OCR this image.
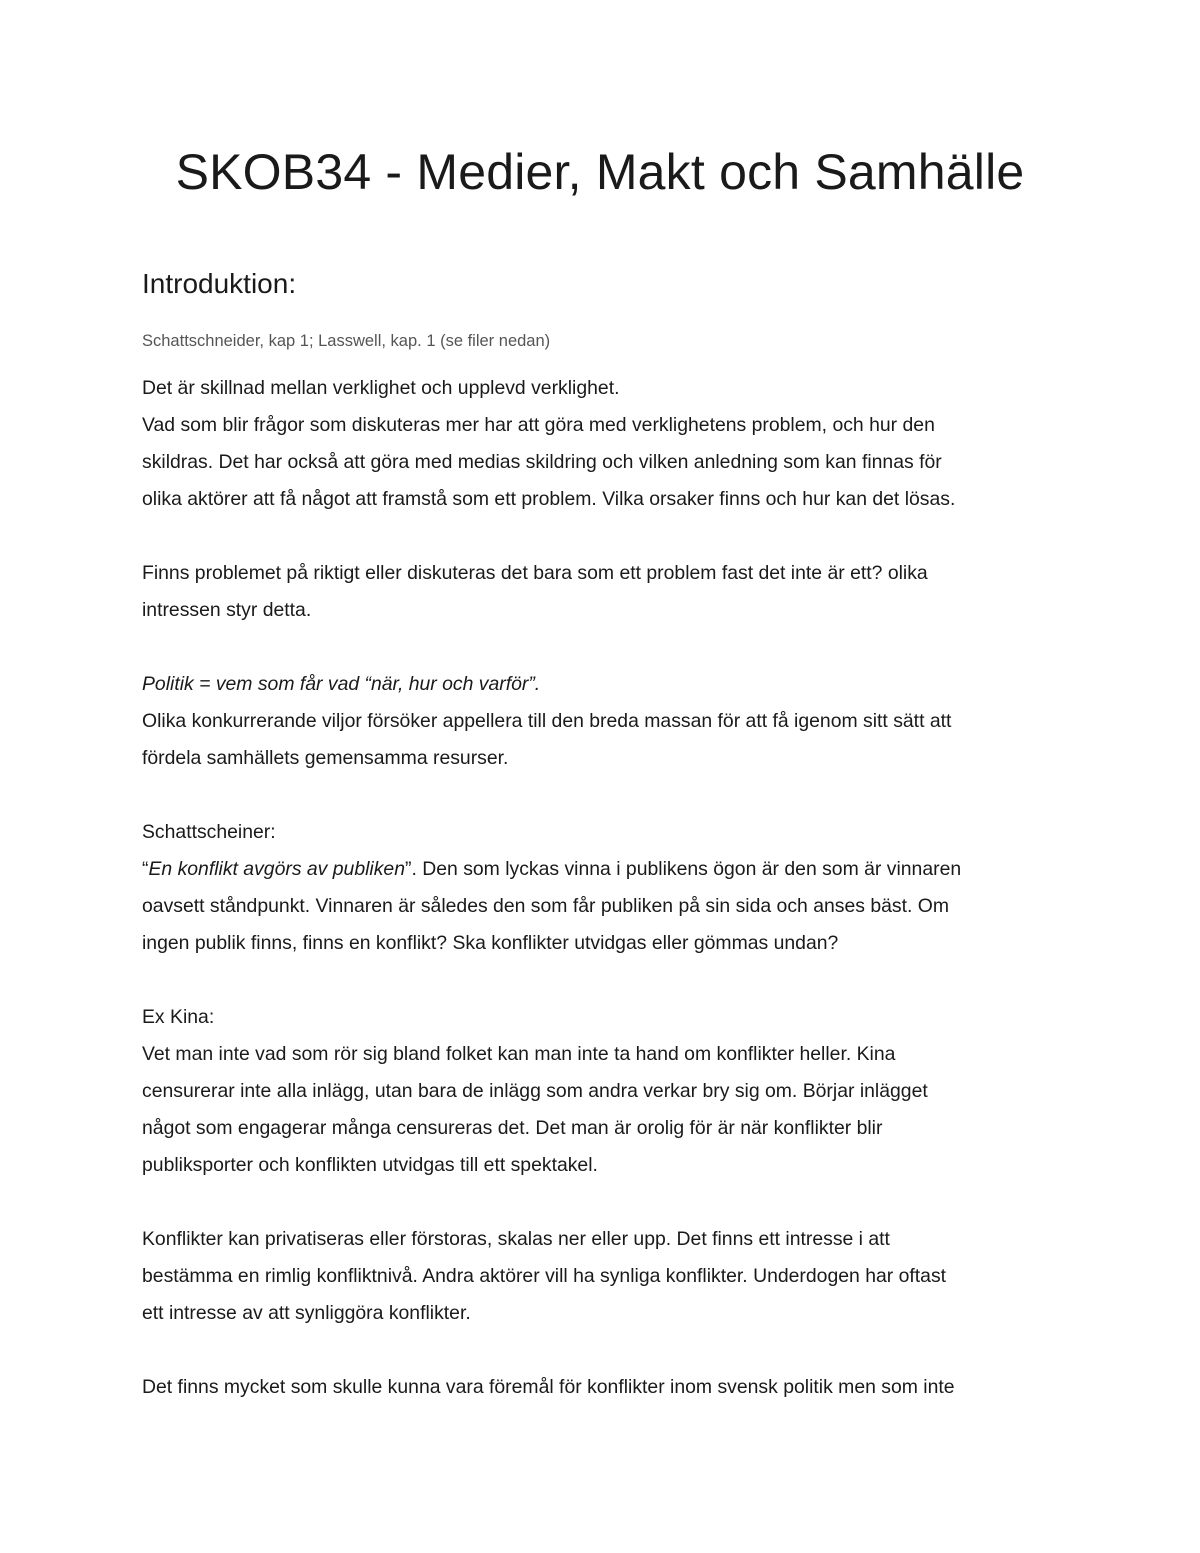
SKOB34 - Medier, Makt och Samhälle
Introduktion:

Schattschneider, kap 1; Lasswell, kap. 1 (se filer nedan)

Det är skillnad mellan verklighet och upplevd verklighet.

Vad som blir frågor som diskuteras mer har att göra med verklighetens problem, och hur den

skildras. Det har också att göra med medias skildring och vilken anledning som kan finnas för

olika aktörer att få något att framstå som ett problem. Vilka orsaker finns och hur kan det lösas.

Finns problemet på riktigt eller diskuteras det bara som ett problem fast det inte är ett? olika

intressen styr detta.

Politik = vem som får vad “när, hur och varför”.

Olika konkurrerande viljor försöker appellera till den breda massan för att få igenom sitt sätt att

fördela samhällets gemensamma resurser.

Schattscheiner:

“En konflikt avgörs av publiken”. Den som lyckas vinna i publikens ögon är den som är vinnaren

oavsett ståndpunkt. Vinnaren är således den som får publiken på sin sida och anses bäst. Om

ingen publik finns, finns en konflikt? Ska konflikter utvidgas eller gömmas undan?

Ex Kina:

Vet man inte vad som rör sig bland folket kan man inte ta hand om konflikter heller. Kina

censurerar inte alla inlägg, utan bara de inlägg som andra verkar bry sig om. Börjar inlägget

något som engagerar många censureras det. Det man är orolig för är när konflikter blir

publiksporter och konflikten utvidgas till ett spektakel.

Konflikter kan privatiseras eller förstoras, skalas ner eller upp. Det finns ett intresse i att

bestämma en rimlig konfliktnivå. Andra aktörer vill ha synliga konflikter. Underdogen har oftast

ett intresse av att synliggöra konflikter.

Det finns mycket som skulle kunna vara föremål för konflikter inom svensk politik men som inte
